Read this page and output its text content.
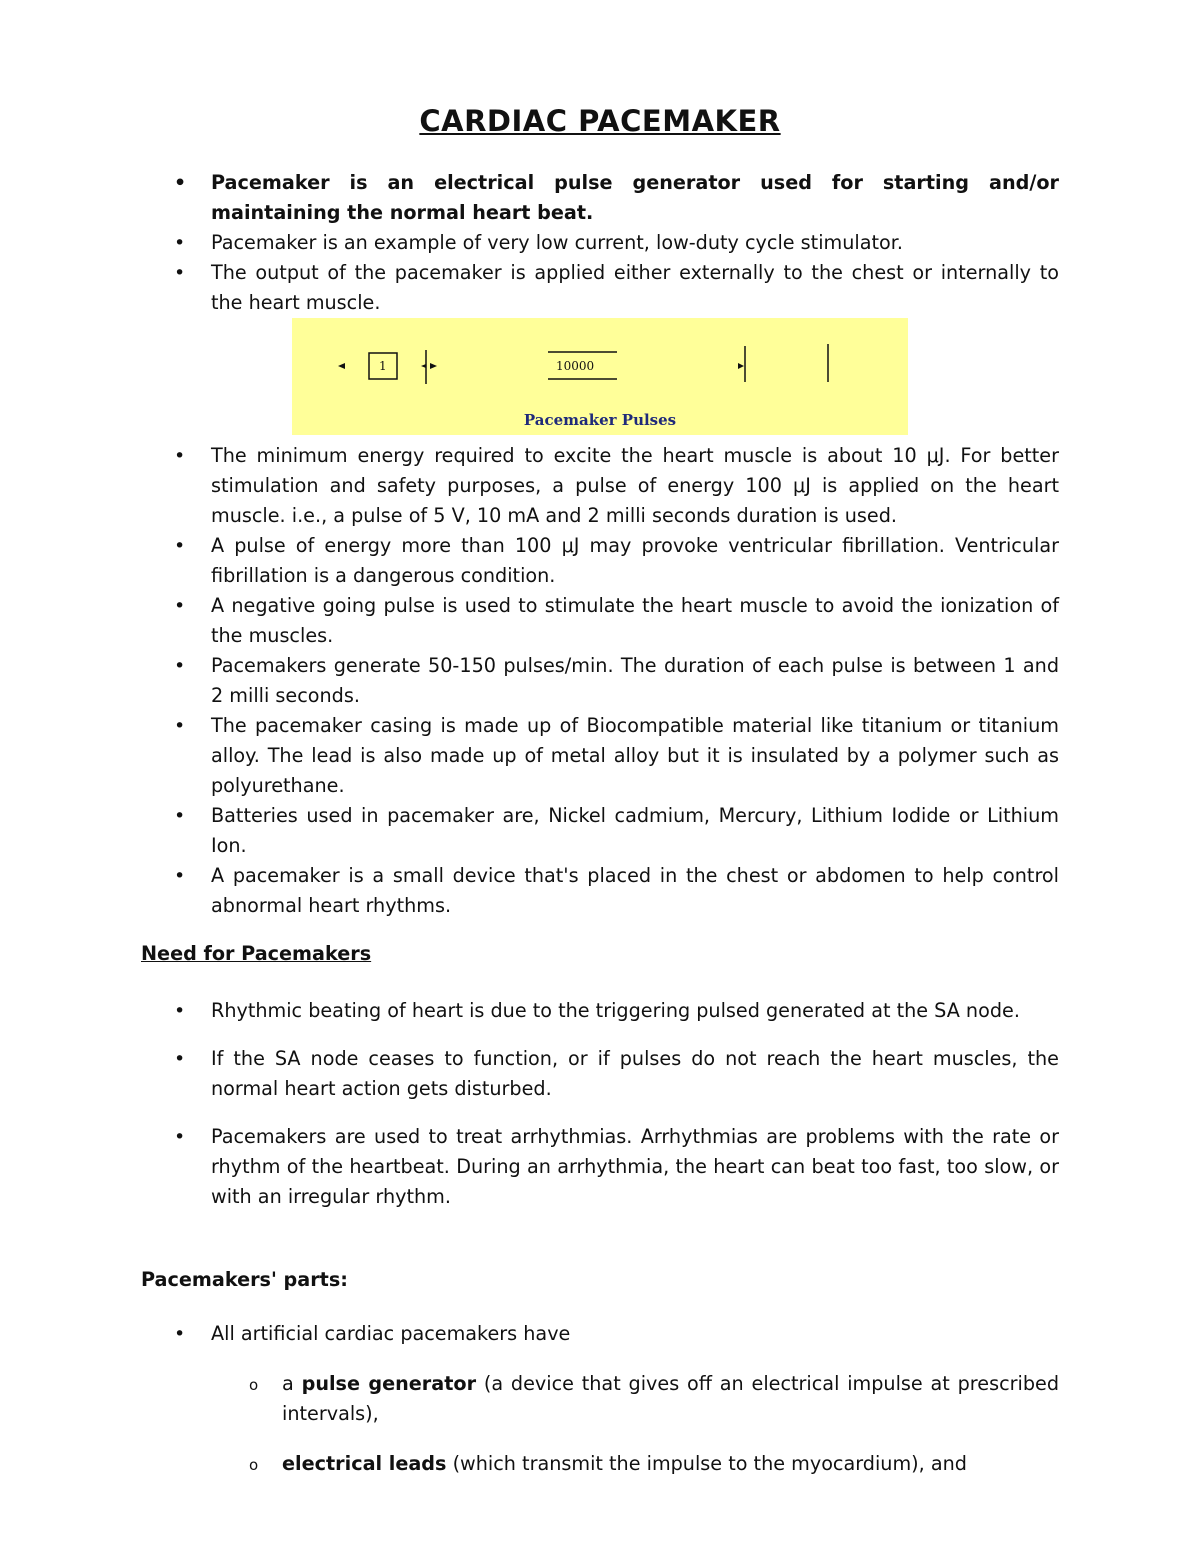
CARDIAC PACEMAKER
• Pacemaker is an electrical pulse generator used for starting and/or maintaining the normal heart beat.
• Pacemaker is an example of very low current, low-duty cycle stimulator.
• The output of the pacemaker is applied either externally to the chest or internally to the heart muscle.
1	10000
Pacemaker Pulses
• The minimum energy required to excite the heart muscle is about 10 μJ. For better stimulation and safety purposes, a pulse of energy 100 μJ is applied on the heart muscle. i.e., a pulse of 5 V, 10 mA and 2 milli seconds duration is used.
• A pulse of energy more than 100 μJ may provoke ventricular fibrillation. Ventricular fibrillation is a dangerous condition.
• A negative going pulse is used to stimulate the heart muscle to avoid the ionization of the muscles.
• Pacemakers generate 50-150 pulses/min. The duration of each pulse is between 1 and 2 milli seconds.
• The pacemaker casing is made up of Biocompatible material like titanium or titanium alloy. The lead is also made up of metal alloy but it is insulated by a polymer such as polyurethane.
• Batteries used in pacemaker are, Nickel cadmium, Mercury, Lithium Iodide or Lithium Ion.
• A pacemaker is a small device that's placed in the chest or abdomen to help control abnormal heart rhythms.
Need for Pacemakers
• Rhythmic beating of heart is due to the triggering pulsed generated at the SA node.
• If the SA node ceases to function, or if pulses do not reach the heart muscles, the normal heart action gets disturbed.
• Pacemakers are used to treat arrhythmias. Arrhythmias are problems with the rate or rhythm of the heartbeat. During an arrhythmia, the heart can beat too fast, too slow, or with an irregular rhythm.
Pacemakers' parts:
• All artificial cardiac pacemakers have
o a pulse generator (a device that gives off an electrical impulse at prescribed intervals),
o electrical leads (which transmit the impulse to the myocardium), and
